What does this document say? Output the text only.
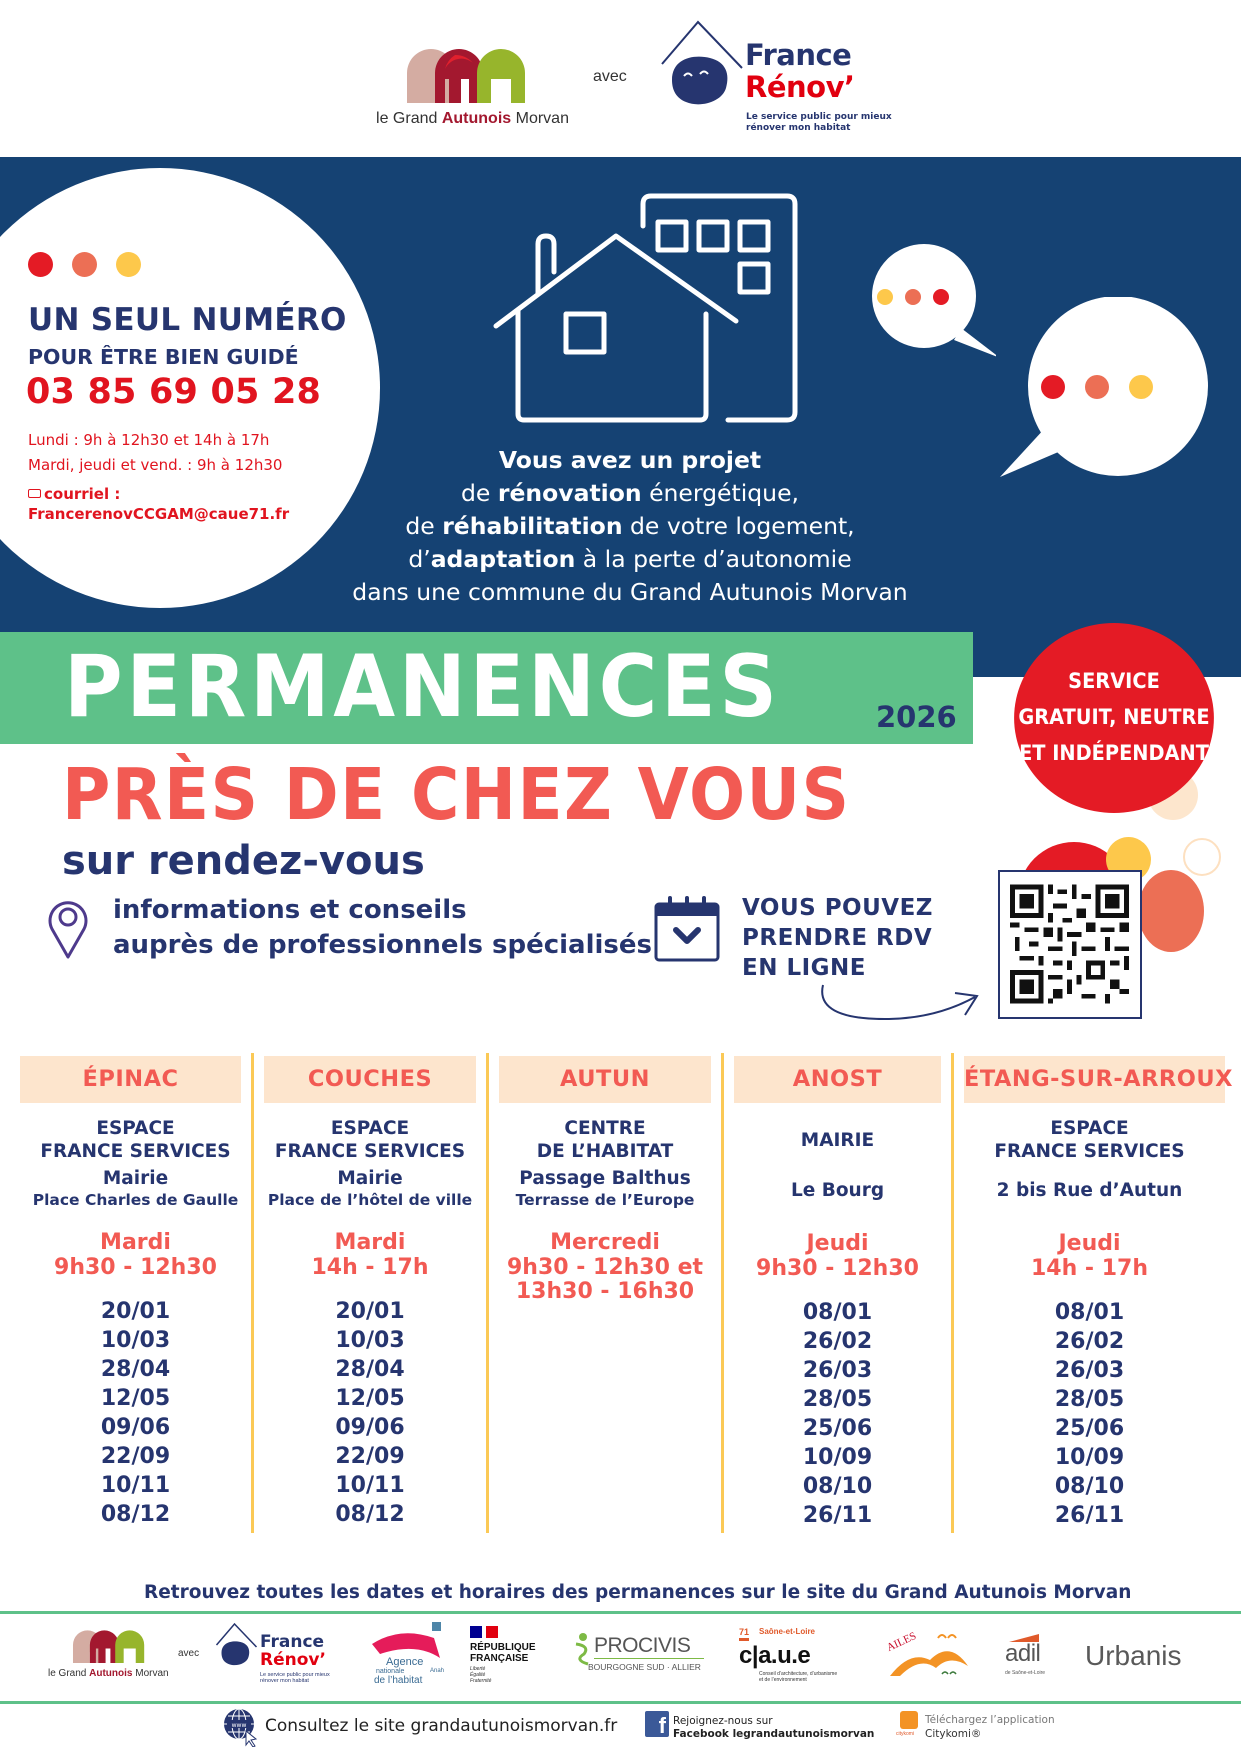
le Grand Autunois Morvan
avec
France
Rénov’
Le service public pour mieux
rénover mon habitat
UN SEUL NUMÉRO
POUR ÊTRE BIEN GUIDÉ
03 85 69 05 28
Lundi : 9h à 12h30 et 14h à 17h
Mardi, jeudi et vend. : 9h à 12h30
courriel :
FrancerenovCCGAM@caue71.fr
Vous avez un projet
de rénovation énergétique,
de réhabilitation de votre logement,
d’adaptation à la perte d’autonomie
dans une commune du Grand Autunois Morvan
PERMANENCES	2026
SERVICE
GRATUIT, NEUTRE
ET INDÉPENDANT
PRÈS DE CHEZ VOUS
sur rendez-vous
informations et conseils
auprès de professionnels spécialisés
VOUS POUVEZ
PRENDRE RDV
EN LIGNE
ÉPINAC
ESPACE
FRANCE SERVICES
Mairie
Place Charles de Gaulle
Mardi
9h30 - 12h30
20/01
10/03
28/04
12/05
09/06
22/09
10/11
08/12
COUCHES
ESPACE
FRANCE SERVICES
Mairie
Place de l’hôtel de ville
Mardi
14h - 17h
20/01
10/03
28/04
12/05
09/06
22/09
10/11
08/12
AUTUN
CENTRE
DE L’HABITAT
Passage Balthus
Terrasse de l’Europe
Mercredi
9h30 - 12h30 et
13h30 - 16h30
ANOST
MAIRIE
Le Bourg
Jeudi
9h30 - 12h30
08/01
26/02
26/03
28/05
25/06
10/09
08/10
26/11
ÉTANG-SUR-ARROUX
ESPACE
FRANCE SERVICES
2 bis Rue d’Autun
Jeudi
14h - 17h
08/01
26/02
26/03
28/05
25/06
10/09
08/10
26/11
Retrouvez toutes les dates et horaires des permanences sur le site du Grand Autunois Morvan
le Grand Autunois Morvan
avec
France
Rénov’
Le service public pour mieux rénover mon habitat
Agence
nationale
de l’habitat
Anah
RÉPUBLIQUE
FRANÇAISE
Liberté
Égalité
Fraternité
PROCIVIS
BOURGOGNE SUD · ALLIER
71 Saône-et-Loire
c|a.u.e
Conseil d’architecture, d’urbanisme
et de l’environnement
AILES	adil
de Saône-et-Loire
Urbanis
www Consultez le site grandautunoismorvan.fr	f Rejoignez-nous sur
Facebook legrandautunoismorvan	citykomi
Téléchargez l’application
Citykomi®
